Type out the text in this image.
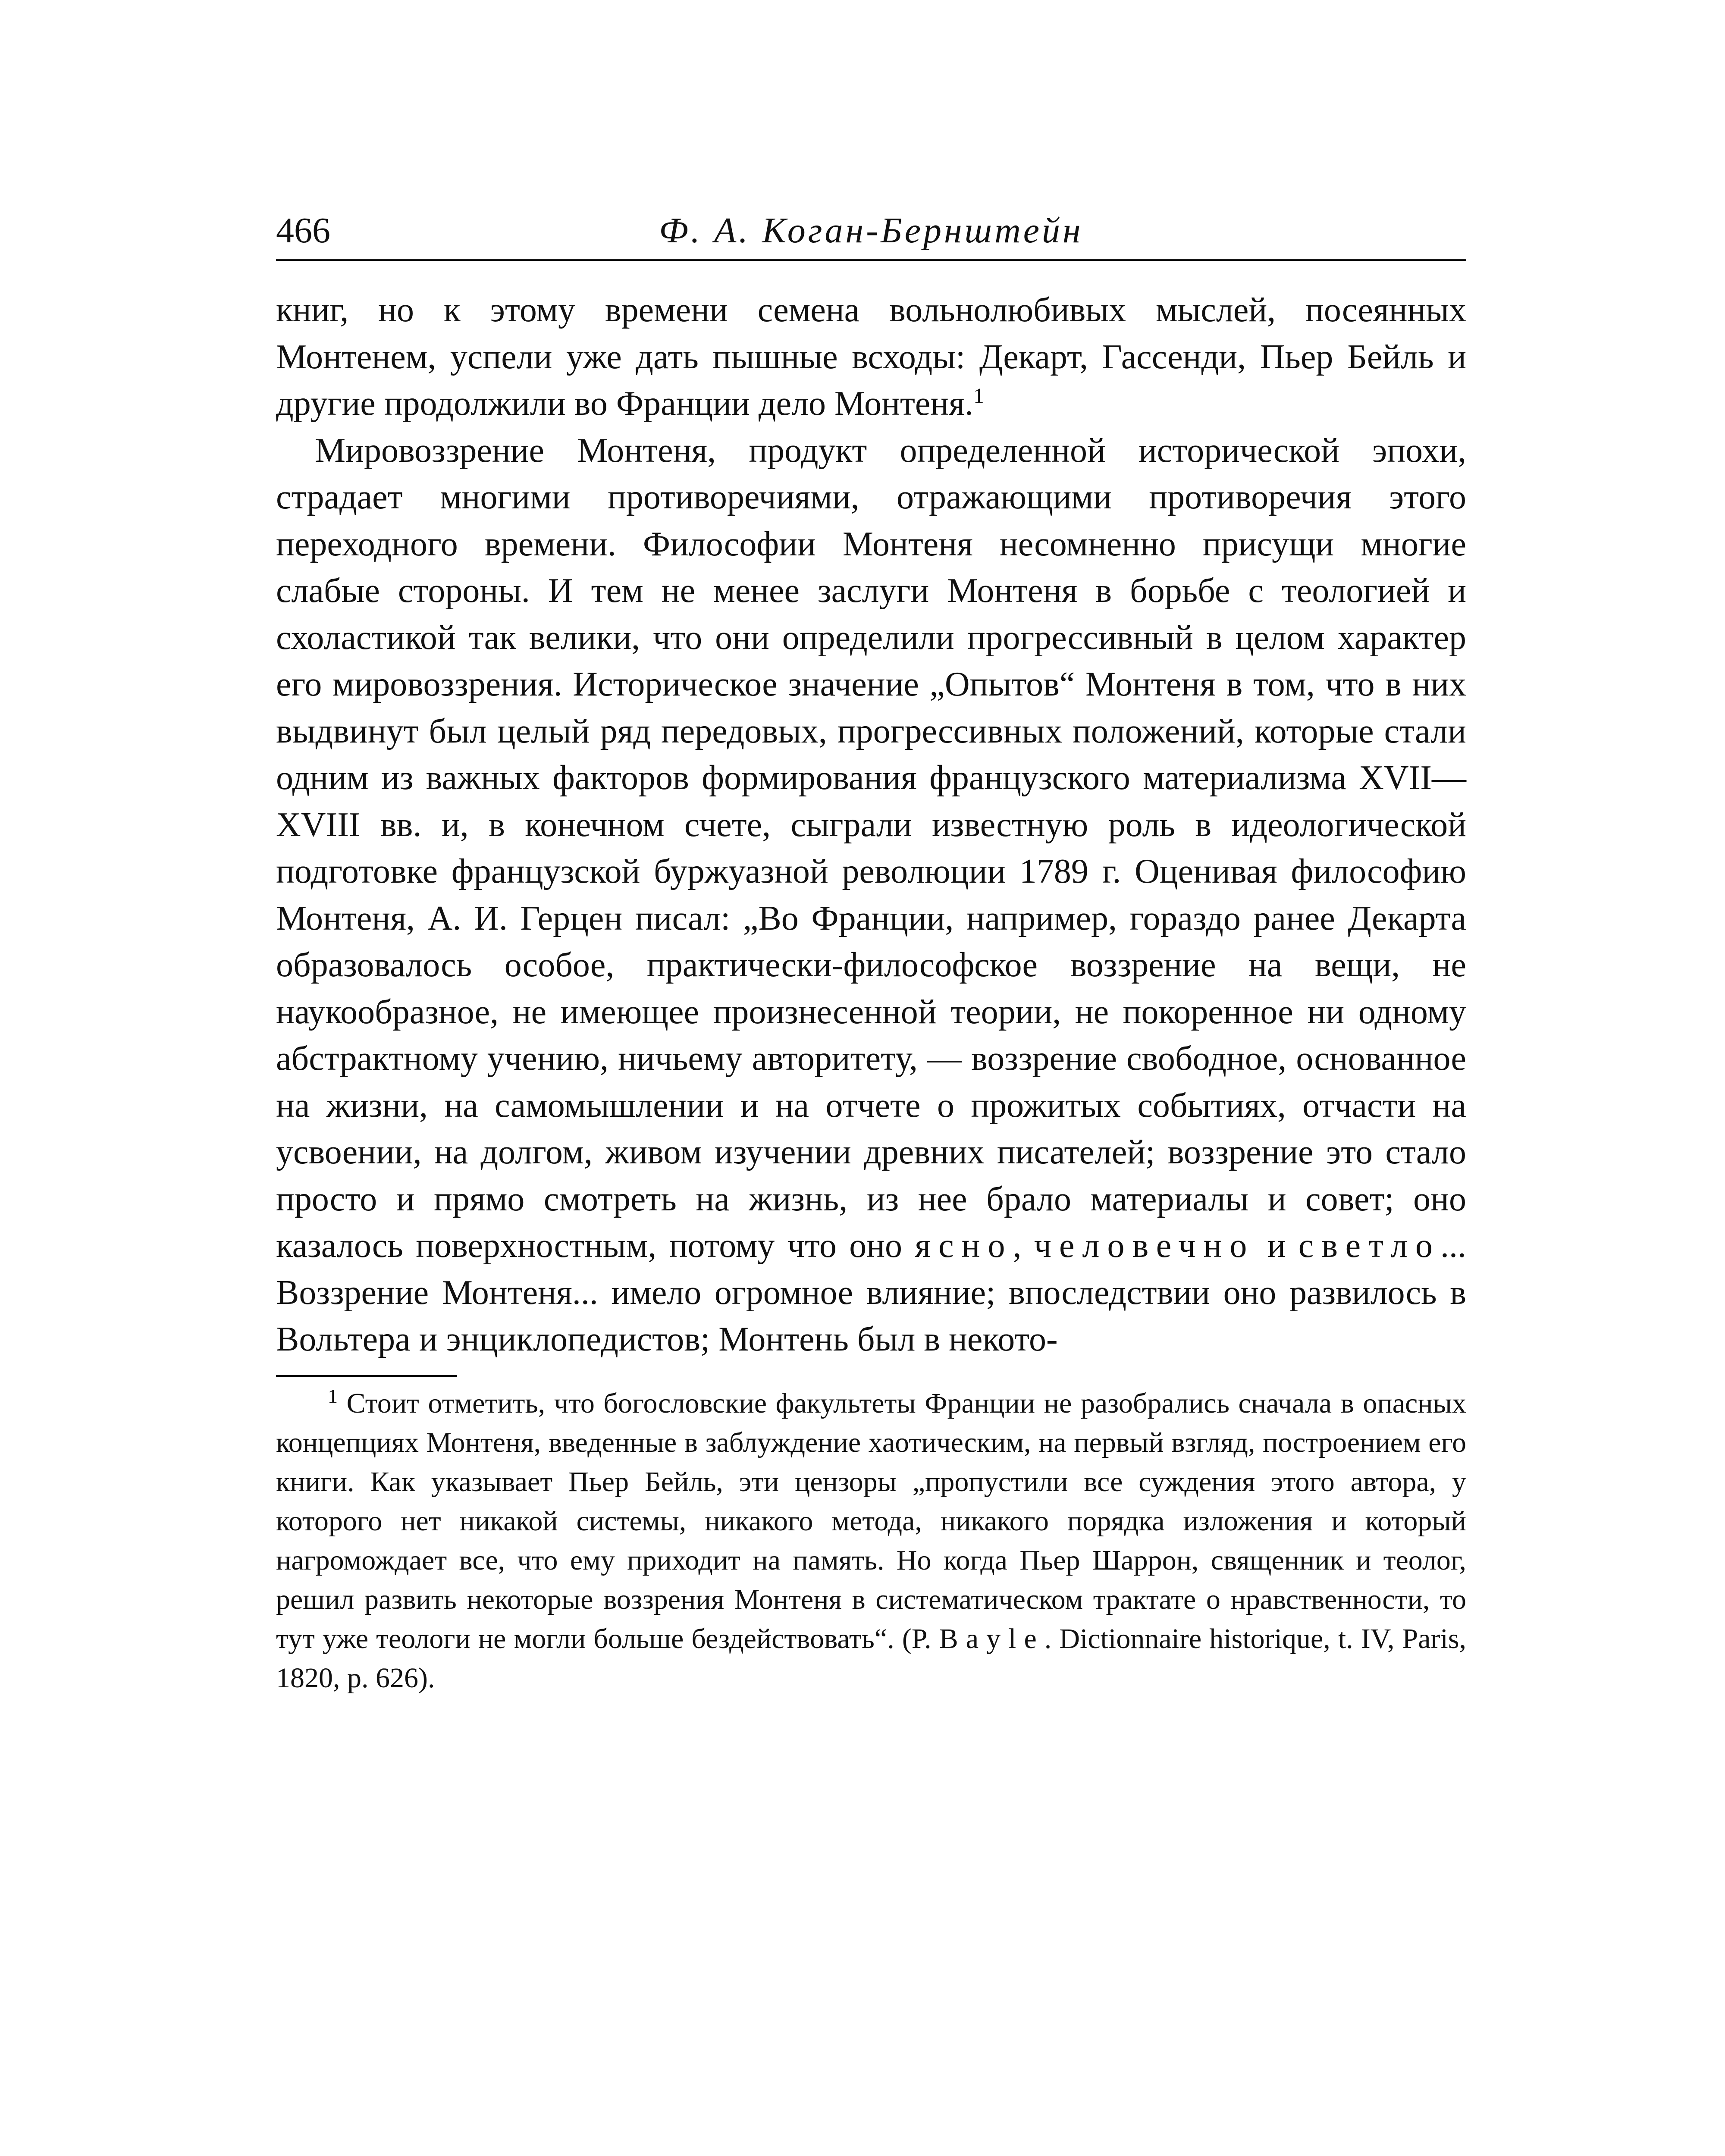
466	Ф. А. Коган-Бернштейн

книг, но к этому времени семена вольнолюбивых мыслей, посеянных Монтенем, успели уже дать пышные всходы: Декарт, Гассенди, Пьер Бейль и другие продолжили во Франции дело Монтеня.$^1$

Мировоззрение Монтеня, продукт определенной исторической эпохи, страдает многими противоречиями, отражающими противоречия этого переходного времени. Философии Монтеня несомненно присущи многие слабые стороны. И тем не менее заслуги Монтеня в борьбе с теологией и схоластикой так велики, что они определили прогрессивный в целом характер его мировоззрения. Историческое значение „Опытов“ Монтеня в том, что в них выдвинут был целый ряд передовых, прогрессивных положений, которые стали одним из важных факторов формирования французского материализма XVII—XVIII вв. и, в конечном счете, сыграли известную роль в идеологической подготовке французской буржуазной революции 1789 г. Оценивая философию Монтеня, А. И. Герцен писал: „Во Франции, например, гораздо ранее Декарта образовалось особое, практически-философское воззрение на вещи, не наукообразное, не имеющее произнесенной теории, не покоренное ни одному абстрактному учению, ничьему авторитету, — воззрение свободное, основанное на жизни, на самомышлении и на отчете о прожитых событиях, отчасти на усвоении, на долгом, живом изучении древних писателей; воззрение это стало просто и прямо смотреть на жизнь, из нее брало материалы и совет; оно казалось поверхностным, потому что оно ясно, человечно и светло... Воззрение Монтеня... имело огромное влияние; впоследствии оно развилось в Вольтера и энциклопедистов; Монтень был в некото-

$^1$ Стоит отметить, что богословские факультеты Франции не разобрались сначала в опасных концепциях Монтеня, введенные в заблуждение хаотическим, на первый взгляд, построением его книги. Как указывает Пьер Бейль, эти цензоры „пропустили все суждения этого автора, у которого нет никакой системы, никакого метода, никакого порядка изложения и который нагромождает все, что ему приходит на память. Но когда Пьер Шаррон, священник и теолог, решил развить некоторые воззрения Монтеня в систематическом трактате о нравственности, то тут уже теологи не могли больше бездействовать“. (P. Bayle. Dictionnaire historique, t. IV, Paris, 1820, p. 626).
